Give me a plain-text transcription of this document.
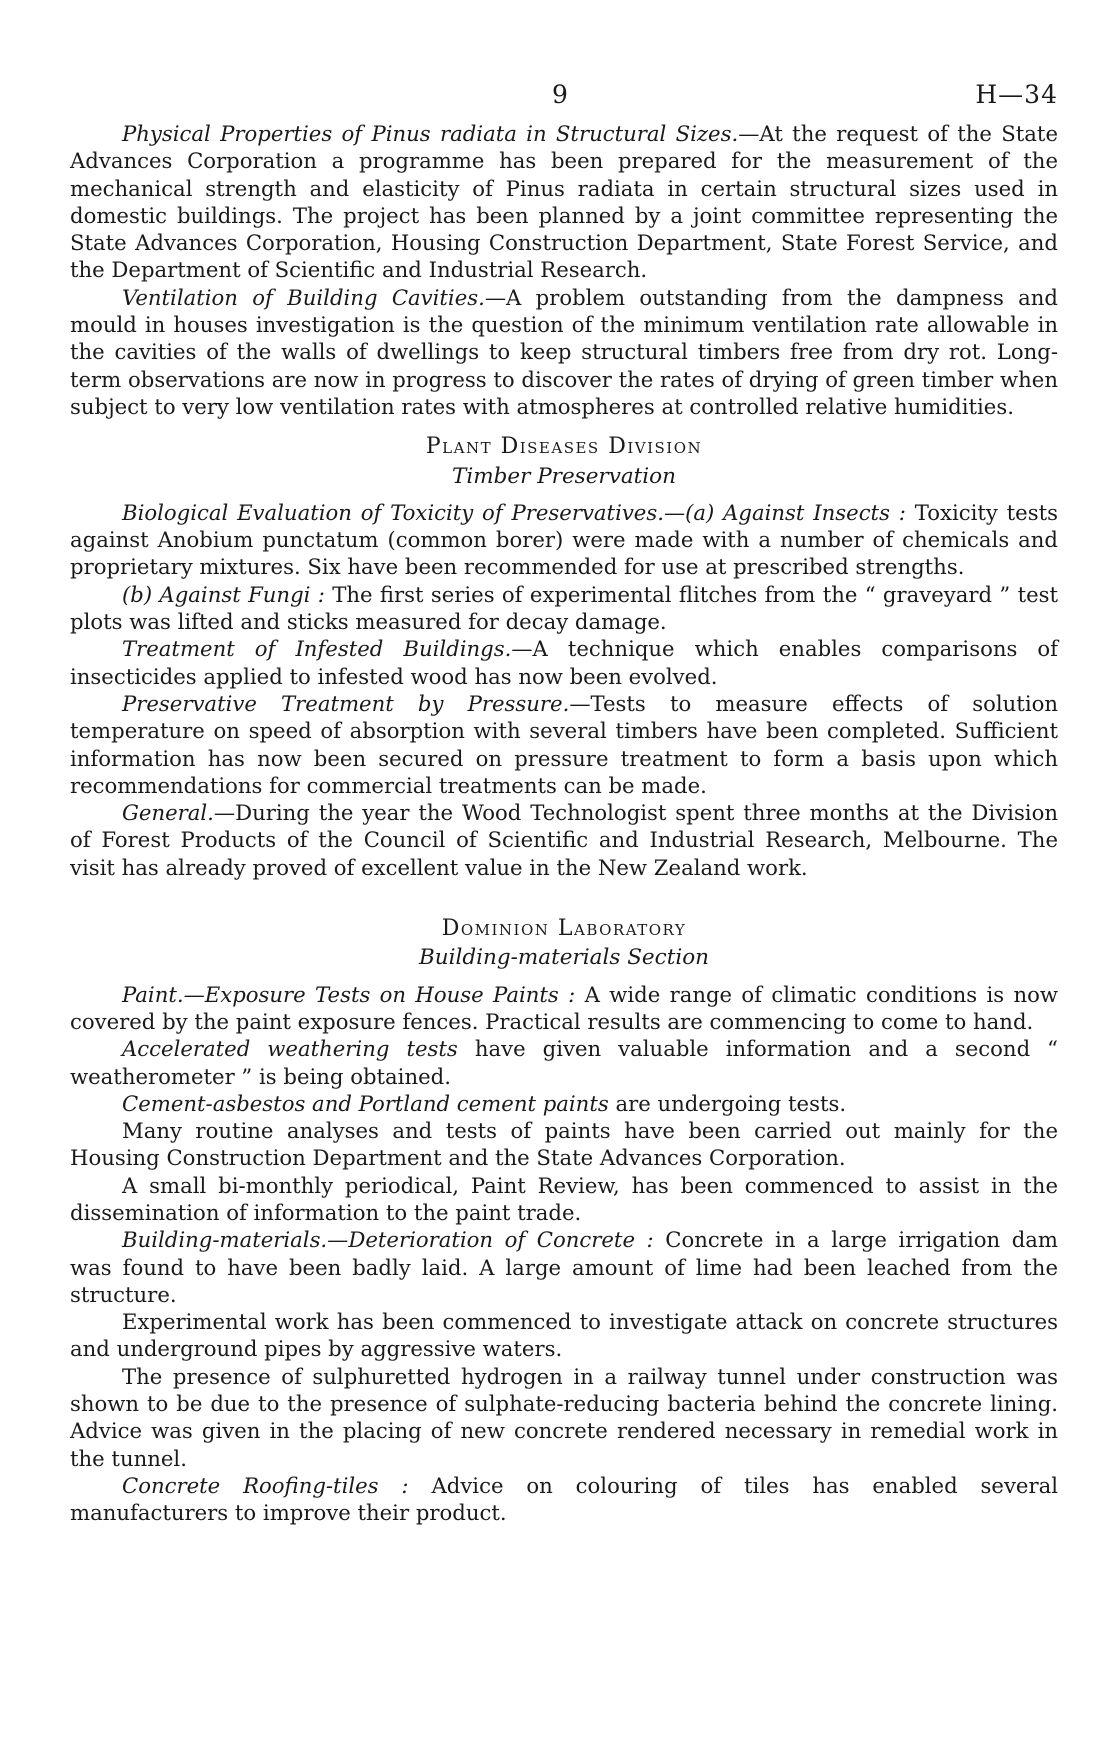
9	H—34

Physical Properties of Pinus radiata in Structural Sizes.—At the request of the State Advances Corporation a programme has been prepared for the measurement of the mechanical strength and elasticity of Pinus radiata in certain structural sizes used in domestic buildings. The project has been planned by a joint committee representing the State Advances Corporation, Housing Construction Department, State Forest Service, and the Department of Scientific and Industrial Research.

Ventilation of Building Cavities.—A problem outstanding from the dampness and mould in houses investigation is the question of the minimum ventilation rate allowable in the cavities of the walls of dwellings to keep structural timbers free from dry rot. Long-term observations are now in progress to discover the rates of drying of green timber when subject to very low ventilation rates with atmospheres at controlled relative humidities.

Plant Diseases Division

Timber Preservation

Biological Evaluation of Toxicity of Preservatives.—(a) Against Insects : Toxicity tests against Anobium punctatum (common borer) were made with a number of chemicals and proprietary mixtures. Six have been recommended for use at prescribed strengths.

(b) Against Fungi : The first series of experimental flitches from the “ graveyard ” test plots was lifted and sticks measured for decay damage.

Treatment of Infested Buildings.—A technique which enables comparisons of insecticides applied to infested wood has now been evolved.

Preservative Treatment by Pressure.—Tests to measure effects of solution temperature on speed of absorption with several timbers have been completed. Sufficient information has now been secured on pressure treatment to form a basis upon which recommendations for commercial treatments can be made.

General.—During the year the Wood Technologist spent three months at the Division of Forest Products of the Council of Scientific and Industrial Research, Melbourne. The visit has already proved of excellent value in the New Zealand work.

Dominion Laboratory

Building-materials Section

Paint.—Exposure Tests on House Paints : A wide range of climatic conditions is now covered by the paint exposure fences. Practical results are commencing to come to hand.

Accelerated weathering tests have given valuable information and a second “ weatherometer ” is being obtained.

Cement-asbestos and Portland cement paints are undergoing tests.

Many routine analyses and tests of paints have been carried out mainly for the Housing Construction Department and the State Advances Corporation.

A small bi-monthly periodical, Paint Review, has been commenced to assist in the dissemination of information to the paint trade.

Building-materials.—Deterioration of Concrete : Concrete in a large irrigation dam was found to have been badly laid. A large amount of lime had been leached from the structure.

Experimental work has been commenced to investigate attack on concrete structures and underground pipes by aggressive waters.

The presence of sulphuretted hydrogen in a railway tunnel under construction was shown to be due to the presence of sulphate-reducing bacteria behind the concrete lining. Advice was given in the placing of new concrete rendered necessary in remedial work in the tunnel.

Concrete Roofing-tiles : Advice on colouring of tiles has enabled several manufacturers to improve their product.
